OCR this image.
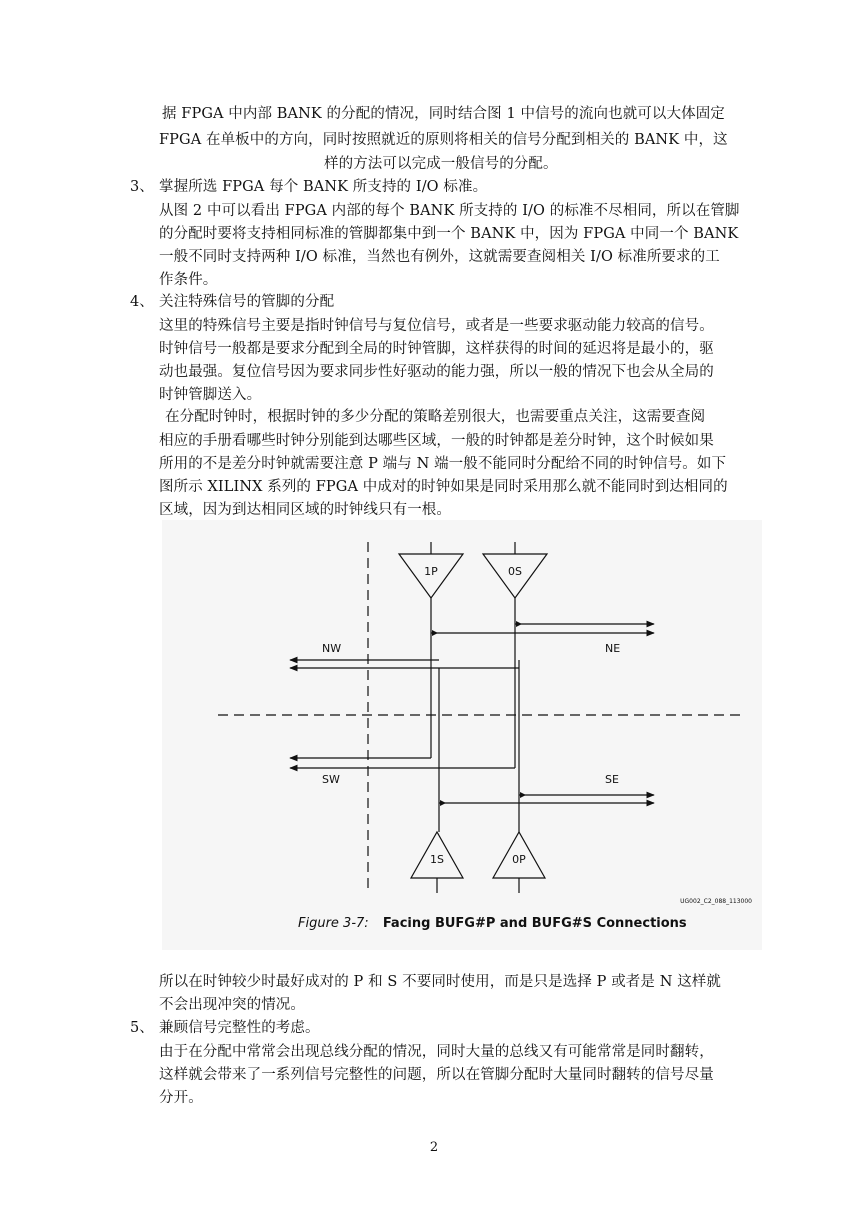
据 FPGA 中内部 BANK 的分配的情况，同时结合图 1 中信号的流向也就可以大体固定
FPGA 在单板中的方向，同时按照就近的原则将相关的信号分配到相关的 BANK 中，这
样的方法可以完成一般信号的分配。
3、 掌握所选 FPGA 每个 BANK 所支持的 I/O 标准。
从图 2 中可以看出 FPGA 内部的每个 BANK 所支持的 I/O 的标准不尽相同，所以在管脚
的分配时要将支持相同标准的管脚都集中到一个 BANK 中，因为 FPGA 中同一个 BANK
一般不同时支持两种 I/O 标准，当然也有例外，这就需要查阅相关 I/O 标准所要求的工
作条件。
4、 关注特殊信号的管脚的分配
这里的特殊信号主要是指时钟信号与复位信号，或者是一些要求驱动能力较高的信号。
时钟信号一般都是要求分配到全局的时钟管脚，这样获得的时间的延迟将是最小的，驱
动也最强。复位信号因为要求同步性好驱动的能力强，所以一般的情况下也会从全局的
时钟管脚送入。
在分配时钟时，根据时钟的多少分配的策略差别很大，也需要重点关注，这需要查阅
相应的手册看哪些时钟分别能到达哪些区域，一般的时钟都是差分时钟，这个时候如果
所用的不是差分时钟就需要注意 P 端与 N 端一般不能同时分配给不同的时钟信号。如下
图所示 XILINX 系列的 FPGA 中成对的时钟如果是同时采用那么就不能同时到达相同的
区域，因为到达相同区域的时钟线只有一根。
1P	0S
1S	0P
NW	NE
SW	SE
UG002_C2_088_113000
Figure 3-7: Facing BUFG#P and BUFG#S Connections
所以在时钟较少时最好成对的 P 和 S 不要同时使用，而是只是选择 P 或者是 N 这样就
不会出现冲突的情况。
5、 兼顾信号完整性的考虑。
由于在分配中常常会出现总线分配的情况，同时大量的总线又有可能常常是同时翻转，
这样就会带来了一系列信号完整性的问题，所以在管脚分配时大量同时翻转的信号尽量
分开。
2
